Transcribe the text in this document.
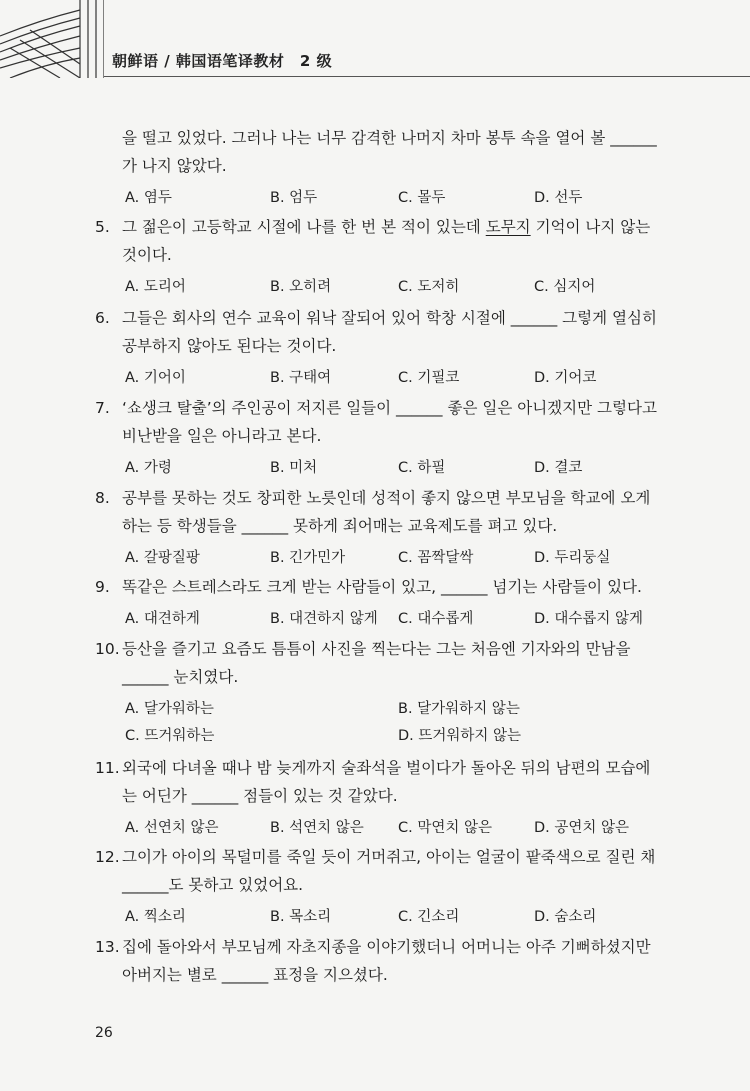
朝鲜语 / 韩国语笔译教材　2 级
을 떨고 있었다. 그러나 나는 너무 감격한 나머지 차마 봉투 속을 열어 볼 ______
가 나지 않았다.
A. 염두	B. 엄두	C. 몰두	D. 선두
5. 그 젊은이 고등학교 시절에 나를 한 번 본 적이 있는데 도무지 기억이 나지 않는
것이다.
A. 도리어	B. 오히려	C. 도저히	C. 심지어
6. 그들은 회사의 연수 교육이 워낙 잘되어 있어 학창 시절에 ______ 그렇게 열심히
공부하지 않아도 된다는 것이다.
A. 기어이	B. 구태여	C. 기필코	D. 기어코
7. ‘쇼생크 탈출’의 주인공이 저지른 일들이 ______ 좋은 일은 아니겠지만 그렇다고
비난받을 일은 아니라고 본다.
A. 가령	B. 미처	C. 하필	D. 결코
8. 공부를 못하는 것도 창피한 노릇인데 성적이 좋지 않으면 부모님을 학교에 오게
하는 등 학생들을 ______ 못하게 죄어매는 교육제도를 펴고 있다.
A. 갈팡질팡	B. 긴가민가	C. 꼼짝달싹	D. 두리둥실
9. 똑같은 스트레스라도 크게 받는 사람들이 있고, ______ 넘기는 사람들이 있다.
A. 대견하게	B. 대견하지 않게 C. 대수롭게	D. 대수롭지 않게
10. 등산을 즐기고 요즘도 틈틈이 사진을 찍는다는 그는 처음엔 기자와의 만남을
______ 눈치였다.
A. 달가워하는	B. 달가워하지 않는
C. 뜨거워하는	D. 뜨거워하지 않는
11. 외국에 다녀올 때나 밤 늦게까지 술좌석을 벌이다가 돌아온 뒤의 남편의 모습에
는 어딘가 ______ 점들이 있는 것 같았다.
A. 선연치 않은	B. 석연치 않은 C. 막연치 않은	D. 공연치 않은
12. 그이가 아이의 목덜미를 죽일 듯이 거머쥐고, 아이는 얼굴이 팥죽색으로 질린 채
______도 못하고 있었어요.
A. 찍소리	B. 목소리	C. 긴소리	D. 숨소리
13. 집에 돌아와서 부모님께 자초지종을 이야기했더니 어머니는 아주 기뻐하셨지만
아버지는 별로 ______ 표정을 지으셨다.
26
